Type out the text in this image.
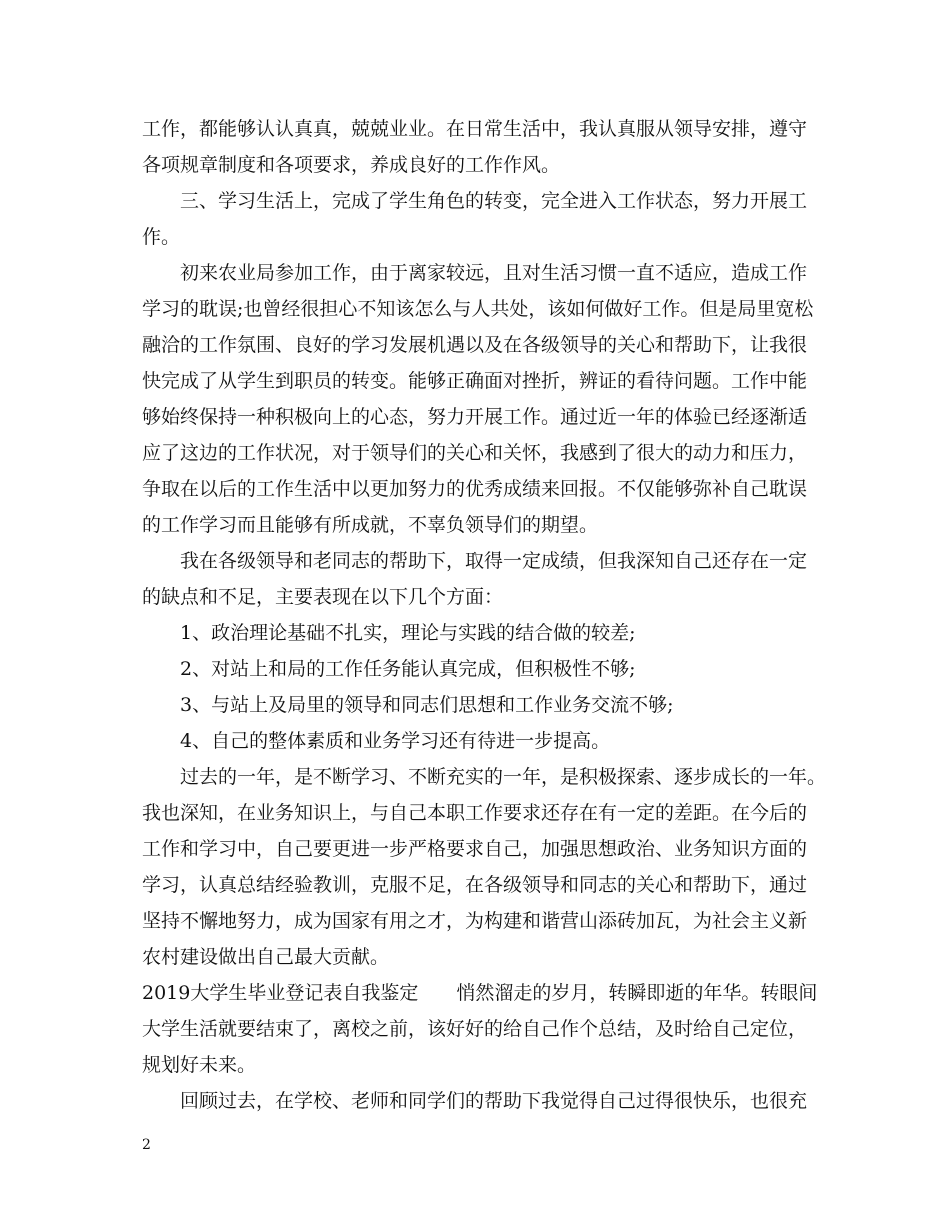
工作，都能够认认真真，兢兢业业。在日常生活中，我认真服从领导安排，遵守
各项规章制度和各项要求，养成良好的工作作风。
三、学习生活上，完成了学生角色的转变，完全进入工作状态，努力开展工
作。
初来农业局参加工作，由于离家较远，且对生活习惯一直不适应，造成工作
学习的耽误;也曾经很担心不知该怎么与人共处，该如何做好工作。但是局里宽松
融洽的工作氛围、良好的学习发展机遇以及在各级领导的关心和帮助下，让我很
快完成了从学生到职员的转变。能够正确面对挫折，辨证的看待问题。工作中能
够始终保持一种积极向上的心态，努力开展工作。通过近一年的体验已经逐渐适
应了这边的工作状况，对于领导们的关心和关怀，我感到了很大的动力和压力，
争取在以后的工作生活中以更加努力的优秀成绩来回报。不仅能够弥补自己耽误
的工作学习而且能够有所成就，不辜负领导们的期望。
我在各级领导和老同志的帮助下，取得一定成绩，但我深知自己还存在一定
的缺点和不足，主要表现在以下几个方面：
1、政治理论基础不扎实，理论与实践的结合做的较差;
2、对站上和局的工作任务能认真完成，但积极性不够;
3、与站上及局里的领导和同志们思想和工作业务交流不够;
4、自己的整体素质和业务学习还有待进一步提高。
过去的一年，是不断学习、不断充实的一年，是积极探索、逐步成长的一年。
我也深知，在业务知识上，与自己本职工作要求还存在有一定的差距。在今后的
工作和学习中，自己要更进一步严格要求自己，加强思想政治、业务知识方面的
学习，认真总结经验教训，克服不足，在各级领导和同志的关心和帮助下，通过
坚持不懈地努力，成为国家有用之才，为构建和谐营山添砖加瓦，为社会主义新
农村建设做出自己最大贡献。
2019大学生毕业登记表自我鉴定　　悄然溜走的岁月，转瞬即逝的年华。转眼间
大学生活就要结束了，离校之前，该好好的给自己作个总结，及时给自己定位，
规划好未来。
回顾过去，在学校、老师和同学们的帮助下我觉得自己过得很快乐，也很充
2
